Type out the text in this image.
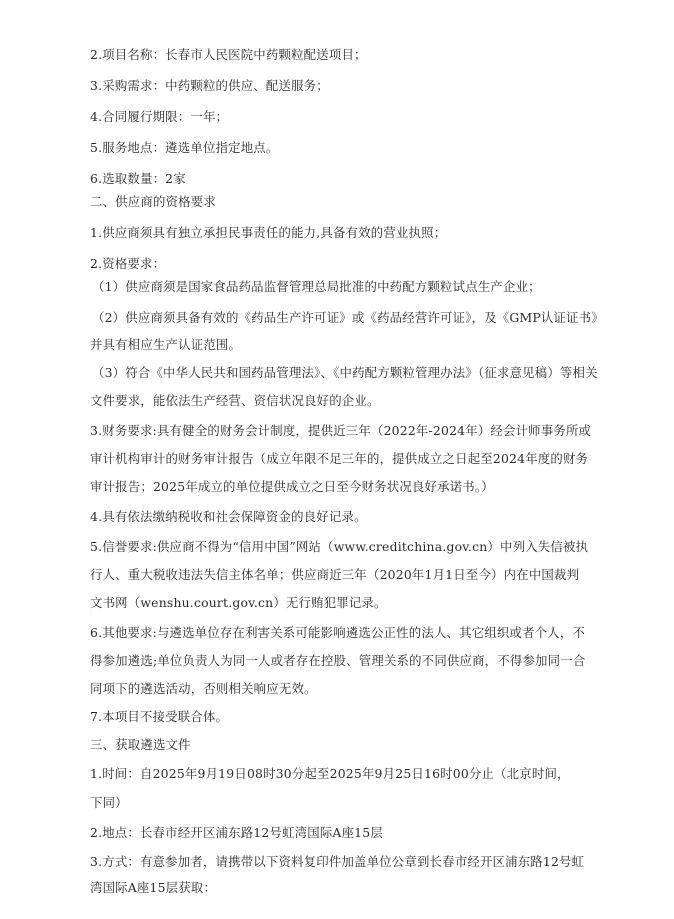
2.项目名称：长春市人民医院中药颗粒配送项目；
3.采购需求：中药颗粒的供应、配送服务；
4.合同履行期限：一年；
5.服务地点：遴选单位指定地点。
6.选取数量：2家
二、供应商的资格要求
1.供应商须具有独立承担民事责任的能力,具备有效的营业执照；
2.资格要求：
（1）供应商须是国家食品药品监督管理总局批准的中药配方颗粒试点生产企业；
（2）供应商须具备有效的《药品生产许可证》或《药品经营许可证》，及《GMP认证证书》
并具有相应生产认证范围。
（3）符合《中华人民共和国药品管理法》、《中药配方颗粒管理办法》（征求意见稿）等相关
文件要求，能依法生产经营、资信状况良好的企业。
3.财务要求:具有健全的财务会计制度，提供近三年（2022年-2024年）经会计师事务所或
审计机构审计的财务审计报告（成立年限不足三年的，提供成立之日起至2024年度的财务
审计报告；2025年成立的单位提供成立之日至今财务状况良好承诺书。）
4.具有依法缴纳税收和社会保障资金的良好记录。
5.信誉要求:供应商不得为“信用中国”网站（www.creditchina.gov.cn）中列入失信被执
行人、重大税收违法失信主体名单；供应商近三年（2020年1月1日至今）内在中国裁判
文书网（wenshu.court.gov.cn）无行贿犯罪记录。
6.其他要求:与遴选单位存在利害关系可能影响遴选公正性的法人、其它组织或者个人，不
得参加遴选;单位负责人为同一人或者存在控股、管理关系的不同供应商，不得参加同一合
同项下的遴选活动，否则相关响应无效。
7.本项目不接受联合体。
三、获取遴选文件
1.时间：自2025年9月19日08时30分起至2025年9月25日16时00分止（北京时间，
下同）
2.地点：长春市经开区浦东路12号虹湾国际A座15层
3.方式：有意参加者，请携带以下资料复印件加盖单位公章到长春市经开区浦东路12号虹
湾国际A座15层获取：
